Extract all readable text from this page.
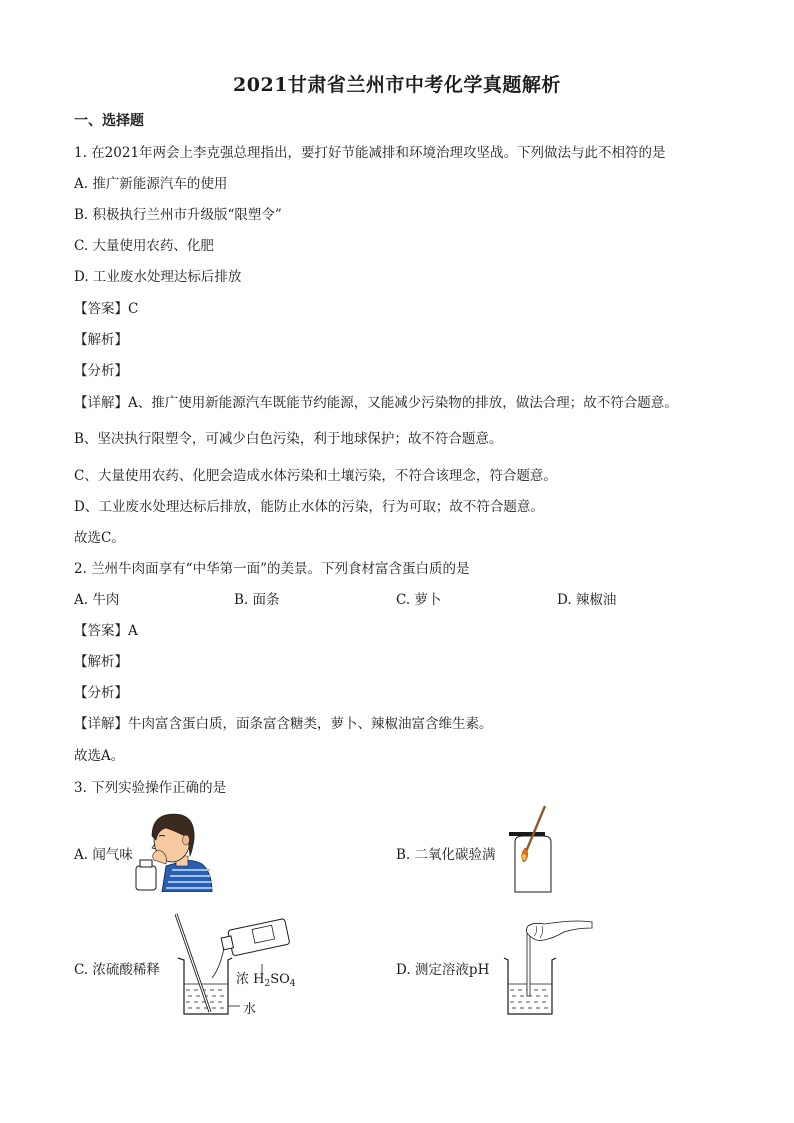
2021甘肃省兰州市中考化学真题解析
一、选择题
1. 在2021年两会上李克强总理指出，要打好节能减排和环境治理攻坚战。下列做法与此不相符的是
A. 推广新能源汽车的使用
B. 积极执行兰州市升级版“限塑令”
C. 大量使用农药、化肥
D. 工业废水处理达标后排放
【答案】C
【解析】
【分析】
【详解】A、推广使用新能源汽车既能节约能源，又能减少污染物的排放，做法合理；故不符合题意。
B、坚决执行限塑令，可减少白色污染，利于地球保护；故不符合题意。
C、大量使用农药、化肥会造成水体污染和土壤污染，不符合该理念，符合题意。
D、工业废水处理达标后排放，能防止水体的污染，行为可取；故不符合题意。
故选C。
2. 兰州牛肉面享有“中华第一面”的美景。下列食材富含蛋白质的是
A. 牛肉	B. 面条	C. 萝卜	D. 辣椒油
【答案】A
【解析】
【分析】
【详解】牛肉富含蛋白质，面条富含糖类，萝卜、辣椒油富含维生素。
故选A。
3. 下列实验操作正确的是
A. 闻气味	B. 二氧化碳验满
C. 浓硫酸稀释	D. 测定溶液pH
浓 $H_2SO_4$
水
